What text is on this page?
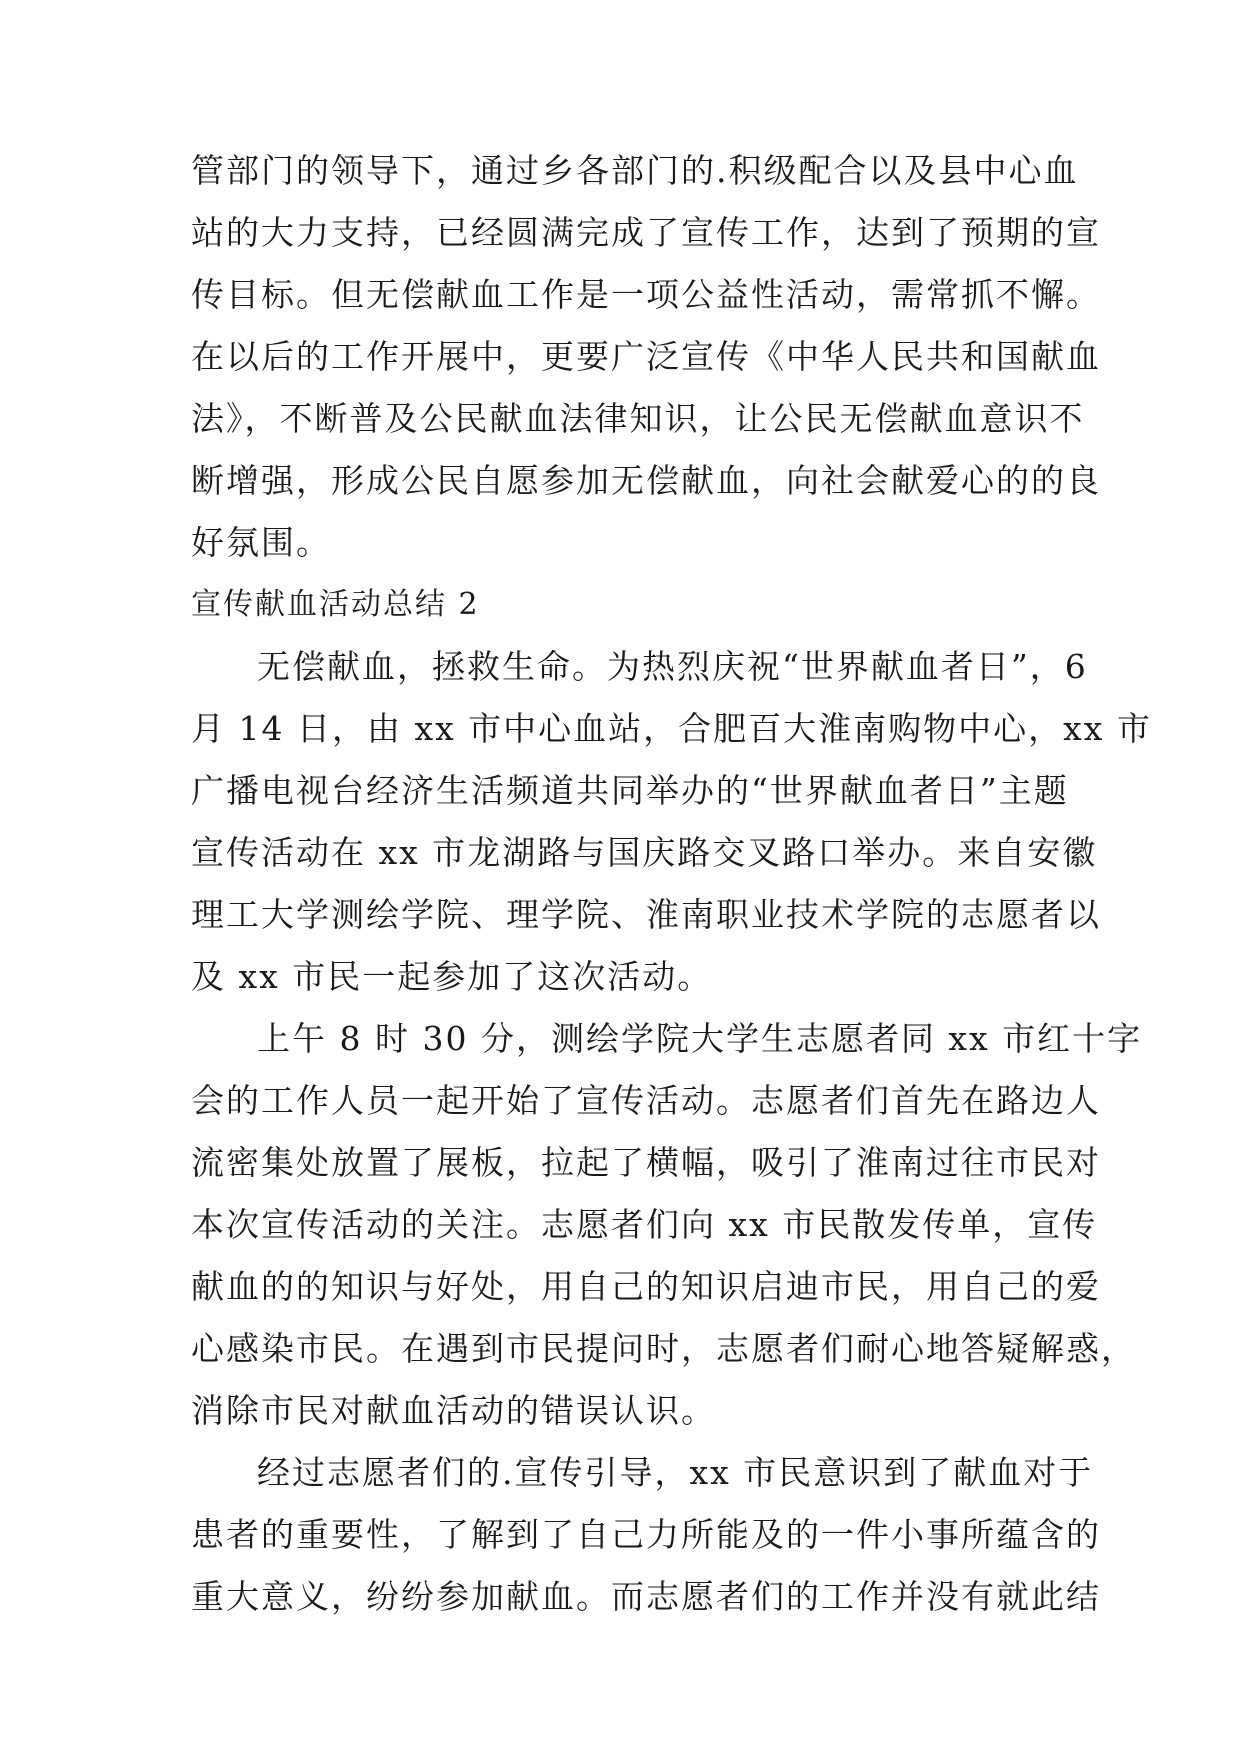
管部门的领导下，通过乡各部门的.积级配合以及县中心血
站的大力支持，已经圆满完成了宣传工作，达到了预期的宣
传目标。但无偿献血工作是一项公益性活动，需常抓不懈。
在以后的工作开展中，更要广泛宣传《中华人民共和国献血
法》，不断普及公民献血法律知识，让公民无偿献血意识不
断增强，形成公民自愿参加无偿献血，向社会献爱心的的良
好氛围。
宣传献血活动总结 2
无偿献血，拯救生命。为热烈庆祝“世界献血者日”，6
月 14 日，由 xx 市中心血站，合肥百大淮南购物中心，xx 市
广播电视台经济生活频道共同举办的“世界献血者日”主题
宣传活动在 xx 市龙湖路与国庆路交叉路口举办。来自安徽
理工大学测绘学院、理学院、淮南职业技术学院的志愿者以
及 xx 市民一起参加了这次活动。
上午 8 时 30 分，测绘学院大学生志愿者同 xx 市红十字
会的工作人员一起开始了宣传活动。志愿者们首先在路边人
流密集处放置了展板，拉起了横幅，吸引了淮南过往市民对
本次宣传活动的关注。志愿者们向 xx 市民散发传单，宣传
献血的的知识与好处，用自己的知识启迪市民，用自己的爱
心感染市民。在遇到市民提问时，志愿者们耐心地答疑解惑，
消除市民对献血活动的错误认识。
经过志愿者们的.宣传引导，xx 市民意识到了献血对于
患者的重要性，了解到了自己力所能及的一件小事所蕴含的
重大意义，纷纷参加献血。而志愿者们的工作并没有就此结
